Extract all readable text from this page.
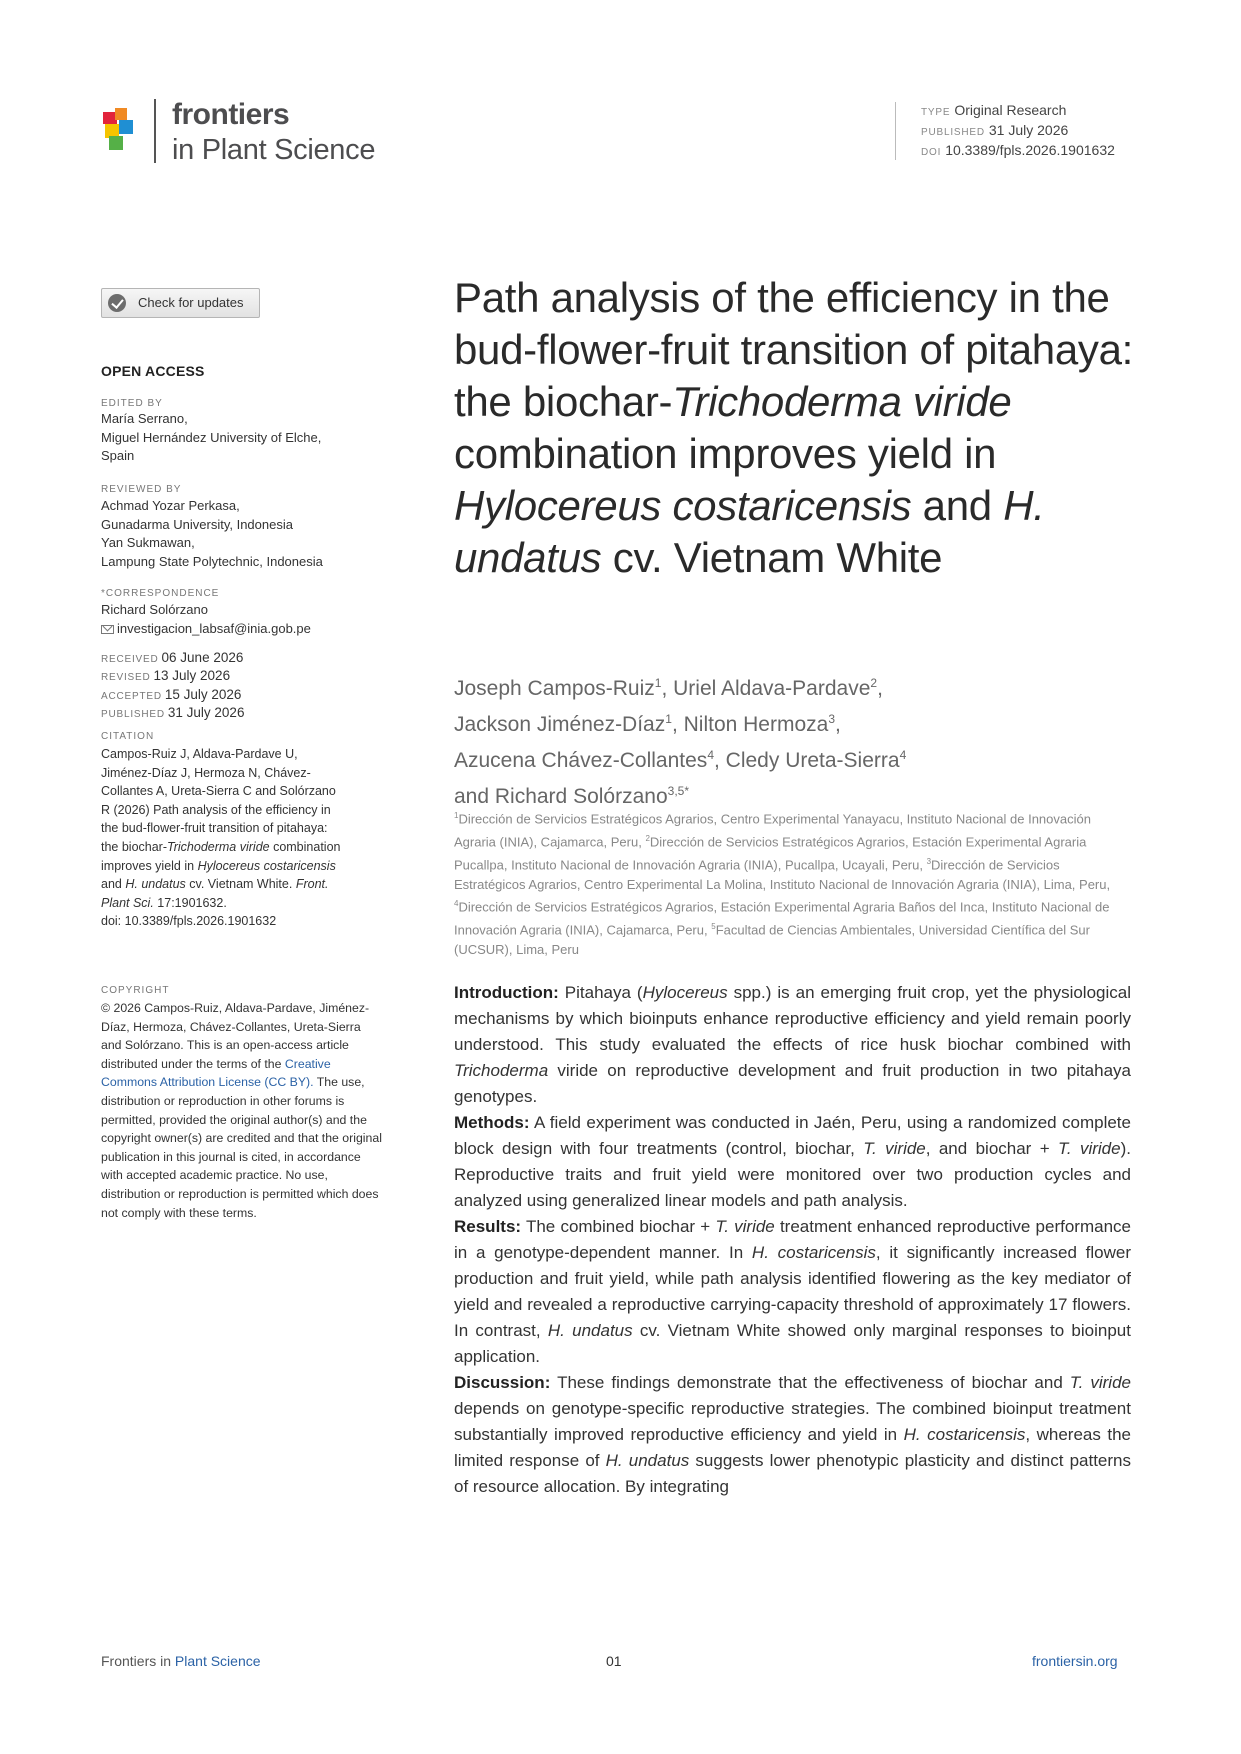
frontiers
in Plant Science
TYPE Original Research
PUBLISHED 31 July 2026
DOI 10.3389/fpls.2026.1901632
Check for updates
OPEN ACCESS
EDITED BY
María Serrano,
Miguel Hernández University of Elche,
Spain
REVIEWED BY
Achmad Yozar Perkasa,
Gunadarma University, Indonesia
Yan Sukmawan,
Lampung State Polytechnic, Indonesia
*CORRESPONDENCE
Richard Solórzano
investigacion_labsaf@inia.gob.pe
RECEIVED 06 June 2026
REVISED 13 July 2026
ACCEPTED 15 July 2026
PUBLISHED 31 July 2026
CITATION
Campos-Ruiz J, Aldava-Pardave U, Jiménez-Díaz J, Hermoza N, Chávez-Collantes A, Ureta-Sierra C and Solórzano R (2026) Path analysis of the efficiency in the bud-flower-fruit transition of pitahaya: the biochar-Trichoderma viride combination improves yield in Hylocereus costaricensis and H. undatus cv. Vietnam White. Front. Plant Sci. 17:1901632.
doi: 10.3389/fpls.2026.1901632
COPYRIGHT
© 2026 Campos-Ruiz, Aldava-Pardave, Jiménez-Díaz, Hermoza, Chávez-Collantes, Ureta-Sierra and Solórzano. This is an open-access article distributed under the terms of the Creative Commons Attribution License (CC BY). The use, distribution or reproduction in other forums is permitted, provided the original author(s) and the copyright owner(s) are credited and that the original publication in this journal is cited, in accordance with accepted academic practice. No use, distribution or reproduction is permitted which does not comply with these terms.
Path analysis of the efficiency in the bud-flower-fruit transition of pitahaya: the biochar-Trichoderma viride combination improves yield in Hylocereus costaricensis and H. undatus cv. Vietnam White
Joseph Campos-Ruiz$^1$, Uriel Aldava-Pardave$^2$,
Jackson Jiménez-Díaz$^1$, Nilton Hermoza$^3$,
Azucena Chávez-Collantes$^4$, Cledy Ureta-Sierra$^4$
and Richard Solórzano$^{3,5*}$
$^1$Dirección de Servicios Estratégicos Agrarios, Centro Experimental Yanayacu, Instituto Nacional de Innovación Agraria (INIA), Cajamarca, Peru, $^2$Dirección de Servicios Estratégicos Agrarios, Estación Experimental Agraria Pucallpa, Instituto Nacional de Innovación Agraria (INIA), Pucallpa, Ucayali, Peru, $^3$Dirección de Servicios Estratégicos Agrarios, Centro Experimental La Molina, Instituto Nacional de Innovación Agraria (INIA), Lima, Peru, $^4$Dirección de Servicios Estratégicos Agrarios, Estación Experimental Agraria Baños del Inca, Instituto Nacional de Innovación Agraria (INIA), Cajamarca, Peru, $^5$Facultad de Ciencias Ambientales, Universidad Científica del Sur (UCSUR), Lima, Peru

Introduction: Pitahaya (Hylocereus spp.) is an emerging fruit crop, yet the physiological mechanisms by which bioinputs enhance reproductive efficiency and yield remain poorly understood. This study evaluated the effects of rice husk biochar combined with Trichoderma viride on reproductive development and fruit production in two pitahaya genotypes.

Methods: A field experiment was conducted in Jaén, Peru, using a randomized complete block design with four treatments (control, biochar, T. viride, and biochar + T. viride). Reproductive traits and fruit yield were monitored over two production cycles and analyzed using generalized linear models and path analysis.

Results: The combined biochar + T. viride treatment enhanced reproductive performance in a genotype-dependent manner. In H. costaricensis, it significantly increased flower production and fruit yield, while path analysis identified flowering as the key mediator of yield and revealed a reproductive carrying-capacity threshold of approximately 17 flowers. In contrast, H. undatus cv. Vietnam White showed only marginal responses to bioinput application.

Discussion: These findings demonstrate that the effectiveness of biochar and T. viride depends on genotype-specific reproductive strategies. The combined bioinput treatment substantially improved reproductive efficiency and yield in H. costaricensis, whereas the limited response of H. undatus suggests lower phenotypic plasticity and distinct patterns of resource allocation. By integrating

Frontiers in Plant Science	01	frontiersin.org
